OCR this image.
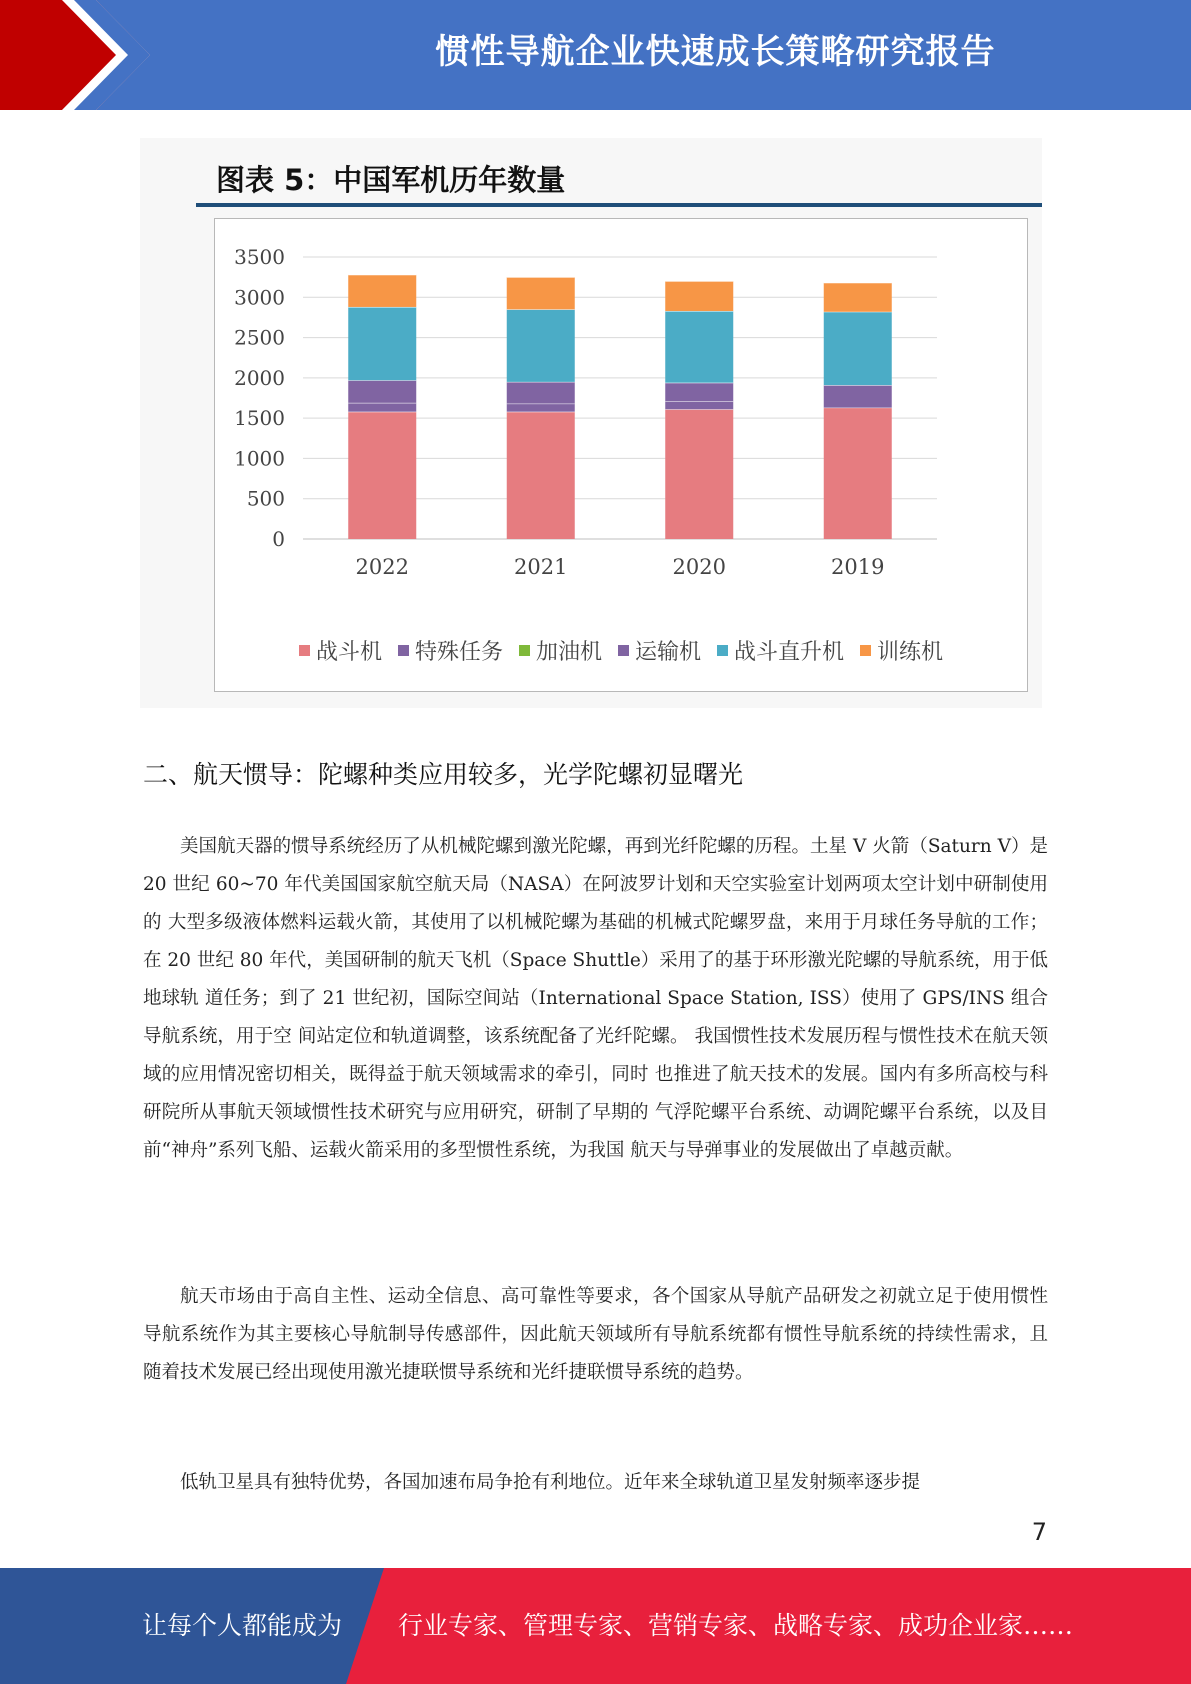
惯性导航企业快速成长策略研究报告
图表 5：中国军机历年数量
0
500
1000
1500
2000
2500
3000
3500
2022	2021	2020	2019
战斗机 特殊任务 加油机 运输机 战斗直升机 训练机
二、航天惯导：陀螺种类应用较多，光学陀螺初显曙光

美国航天器的惯导系统经历了从机械陀螺到激光陀螺，再到光纤陀螺的历程。土星 V 火箭（Saturn V）是 20 世纪 60~70 年代美国国家航空航天局（NASA）在阿波罗计划和天空实验室计划两项太空计划中研制使用的 大型多级液体燃料运载火箭，其使用了以机械陀螺为基础的机械式陀螺罗盘，来用于月球任务导航的工作；在 20 世纪 80 年代，美国研制的航天飞机（Space Shuttle）采用了的基于环形激光陀螺的导航系统，用于低地球轨 道任务；到了 21 世纪初，国际空间站（International Space Station, ISS）使用了 GPS/INS 组合导航系统，用于空 间站定位和轨道调整，该系统配备了光纤陀螺。 我国惯性技术发展历程与惯性技术在航天领域的应用情况密切相关，既得益于航天领域需求的牵引，同时 也推进了航天技术的发展。国内有多所高校与科研院所从事航天领域惯性技术研究与应用研究，研制了早期的 气浮陀螺平台系统、动调陀螺平台系统，以及目前“神舟”系列飞船、运载火箭采用的多型惯性系统，为我国 航天与导弹事业的发展做出了卓越贡献。

航天市场由于高自主性、运动全信息、高可靠性等要求，各个国家从导航产品研发之初就立足于使用惯性 导航系统作为其主要核心导航制导传感部件，因此航天领域所有导航系统都有惯性导航系统的持续性需求，且 随着技术发展已经出现使用激光捷联惯导系统和光纤捷联惯导系统的趋势。

低轨卫星具有独特优势，各国加速布局争抢有利地位。近年来全球轨道卫星发射频率逐步提

7
让每个人都能成为 行业专家、管理专家、营销专家、战略专家、成功企业家……
